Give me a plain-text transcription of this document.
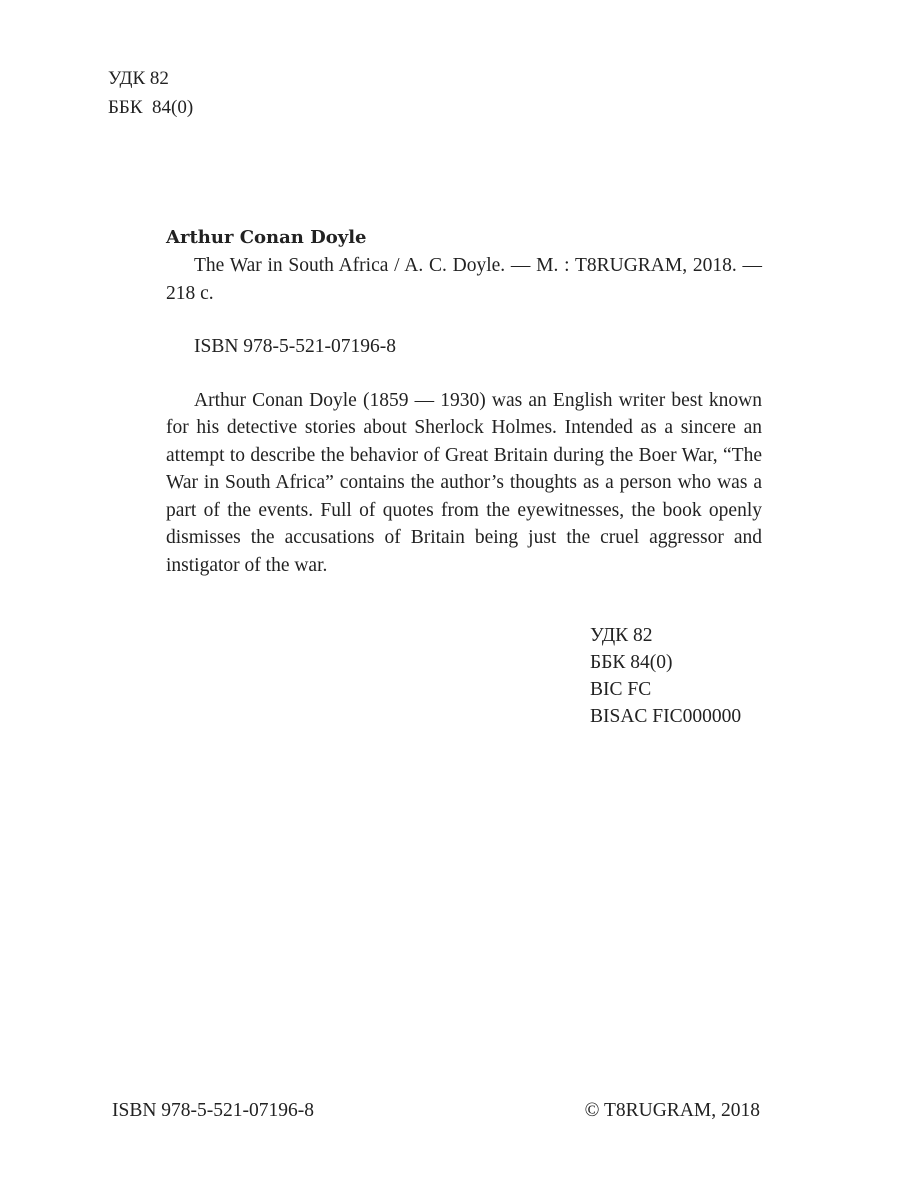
УДК 82
ББК  84(0)
Arthur Conan Doyle
The War in South Africa / A. C. Doyle. — M. : T8RUGRAM, 2018. — 218 c.
ISBN 978-5-521-07196-8
Arthur Conan Doyle (1859 — 1930) was an English writer best known for his detective stories about Sherlock Holmes. Intended as a sincere an attempt to describe the behavior of Great Britain during the Boer War, “The War in South Africa” contains the author’s thoughts as a person who was a part of the events. Full of quotes from the eyewitnesses, the book openly dismisses the accusations of Britain being just the cruel aggressor and instigator of the war.
УДК 82
ББК 84(0)
BIC FC
BISAC FIC000000
ISBN 978-5-521-07196-8	© T8RUGRAM, 2018
